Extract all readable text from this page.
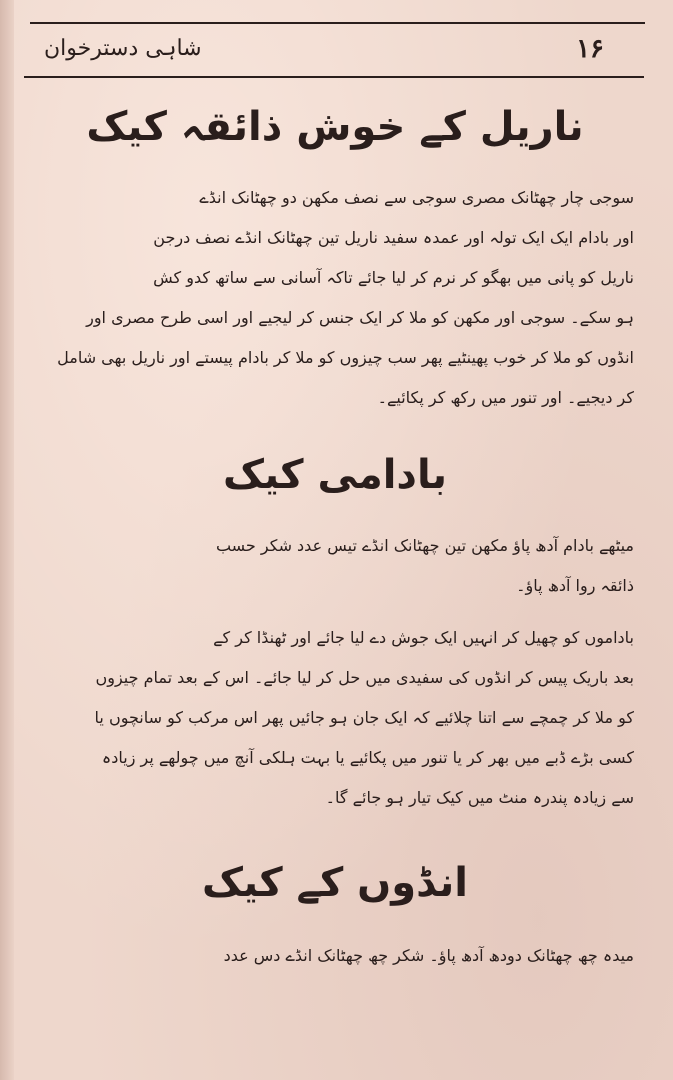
شاہی دسترخوان	۱۶
ناریل کے خوش ذائقہ کیک

سوجی چار چھٹانک مصری سوجی سے نصف مکھن دو چھٹانک انڈے

اور بادام ایک ایک تولہ اور عمدہ سفید ناریل تین چھٹانک انڈے نصف درجن

ناریل کو پانی میں بھگو کر نرم کر لیا جائے تاکہ آسانی سے ساتھ کدو کش

ہو سکے۔ سوجی اور مکھن کو ملا کر ایک جنس کر لیجیے اور اسی طرح مصری اور

انڈوں کو ملا کر خوب پھینٹیے پھر سب چیزوں کو ملا کر بادام پیستے اور ناریل بھی شامل

کر دیجیے۔ اور تنور میں رکھ کر پکائیے۔

بادامی کیک

میٹھے بادام آدھ پاؤ مکھن تین چھٹانک انڈے تیس عدد شکر حسب

ذائقہ روا آدھ پاؤ۔

باداموں کو چھیل کر انہیں ایک جوش دے لیا جائے اور ٹھنڈا کر کے

بعد باریک پیس کر انڈوں کی سفیدی میں حل کر لیا جائے۔ اس کے بعد تمام چیزوں

کو ملا کر چمچے سے اتنا چلائیے کہ ایک جان ہو جائیں پھر اس مرکب کو سانچوں یا

کسی بڑے ڈبے میں بھر کر یا تنور میں پکائیے یا بہت ہلکی آنچ میں چولھے پر زیادہ

سے زیادہ پندرہ منٹ میں کیک تیار ہو جائے گا۔

انڈوں کے کیک

میدہ چھ چھٹانک دودھ آدھ پاؤ۔ شکر چھ چھٹانک انڈے دس عدد
